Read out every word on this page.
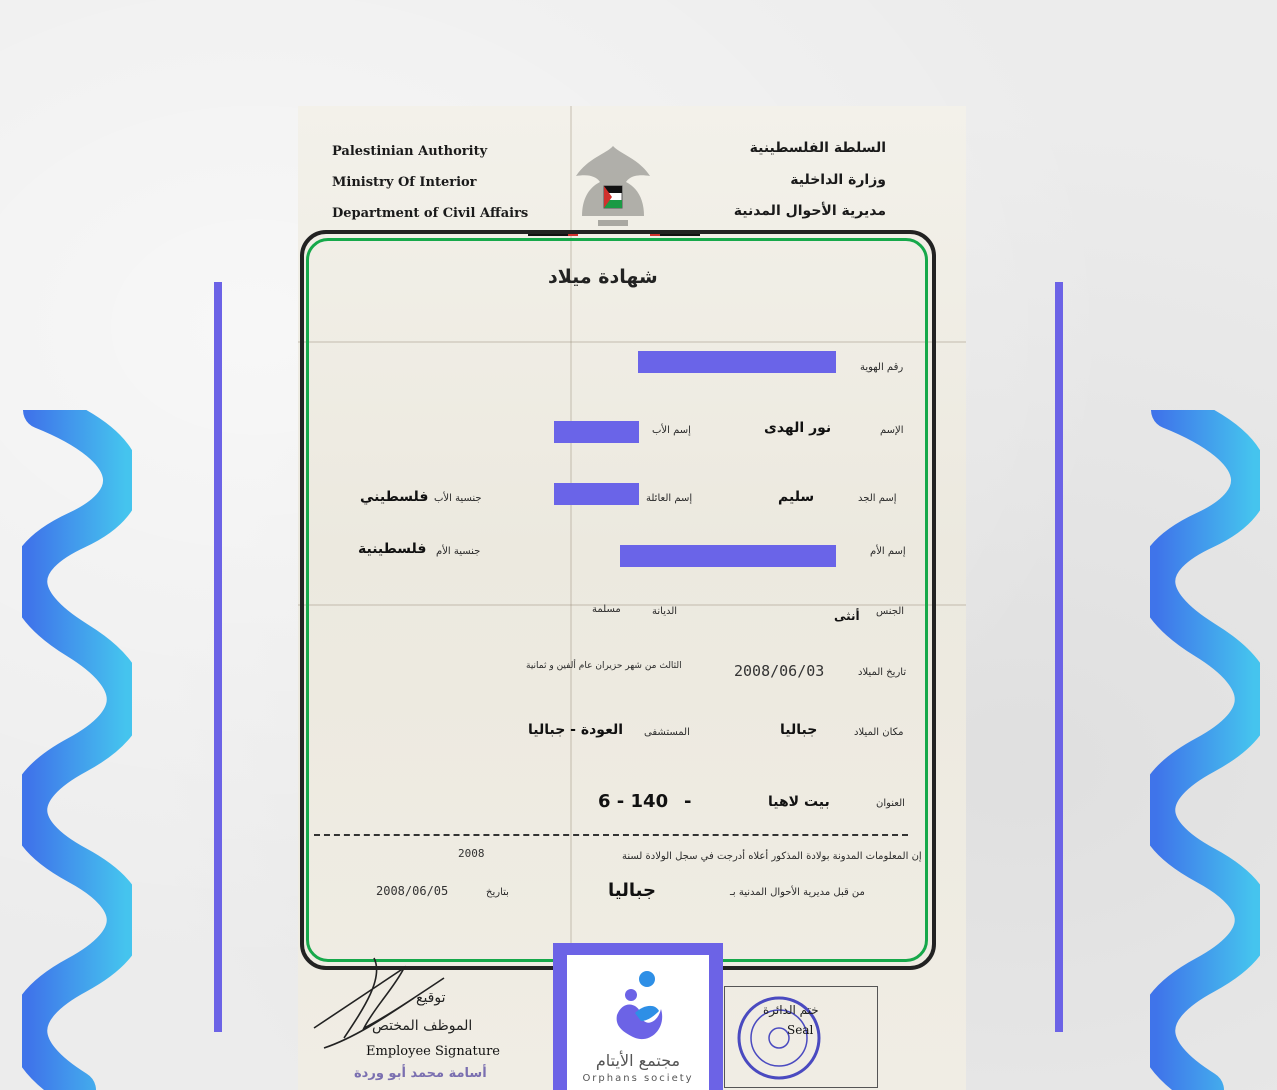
Palestinian Authority
Ministry Of Interior
Department of Civil Affairs
السلطة الفلسطينية
وزارة الداخلية
مديرية الأحوال المدنية
شهادة ميلاد
رقم الهوية
الإسم
نور الهدى
إسم الأب
إسم الجد
سليم
إسم العائلة
جنسية الأب
فلسطيني
إسم الأم
جنسية الأم
فلسطينية
الجنس
أنثى
الديانة
مسلمة
تاريخ الميلاد
2008/06/03
الثالث من شهر حزيران عام ألفين و ثمانية
مكان الميلاد
جباليا
المستشفى
العودة - جباليا
العنوان
بيت لاهيا
-
6 - 140
إن المعلومات المدونة بولادة المذكور أعلاه أدرجت في سجل الولادة لسنة
2008
من قبل مديرية الأحوال المدنية بـ
جباليا
بتاريخ
2008/06/05
توقيع
الموظف المختص
Employee Signature
أسامة محمد أبو وردة
ختم الدائرة
Seal
مجتمع الأيتام
Orphans society
